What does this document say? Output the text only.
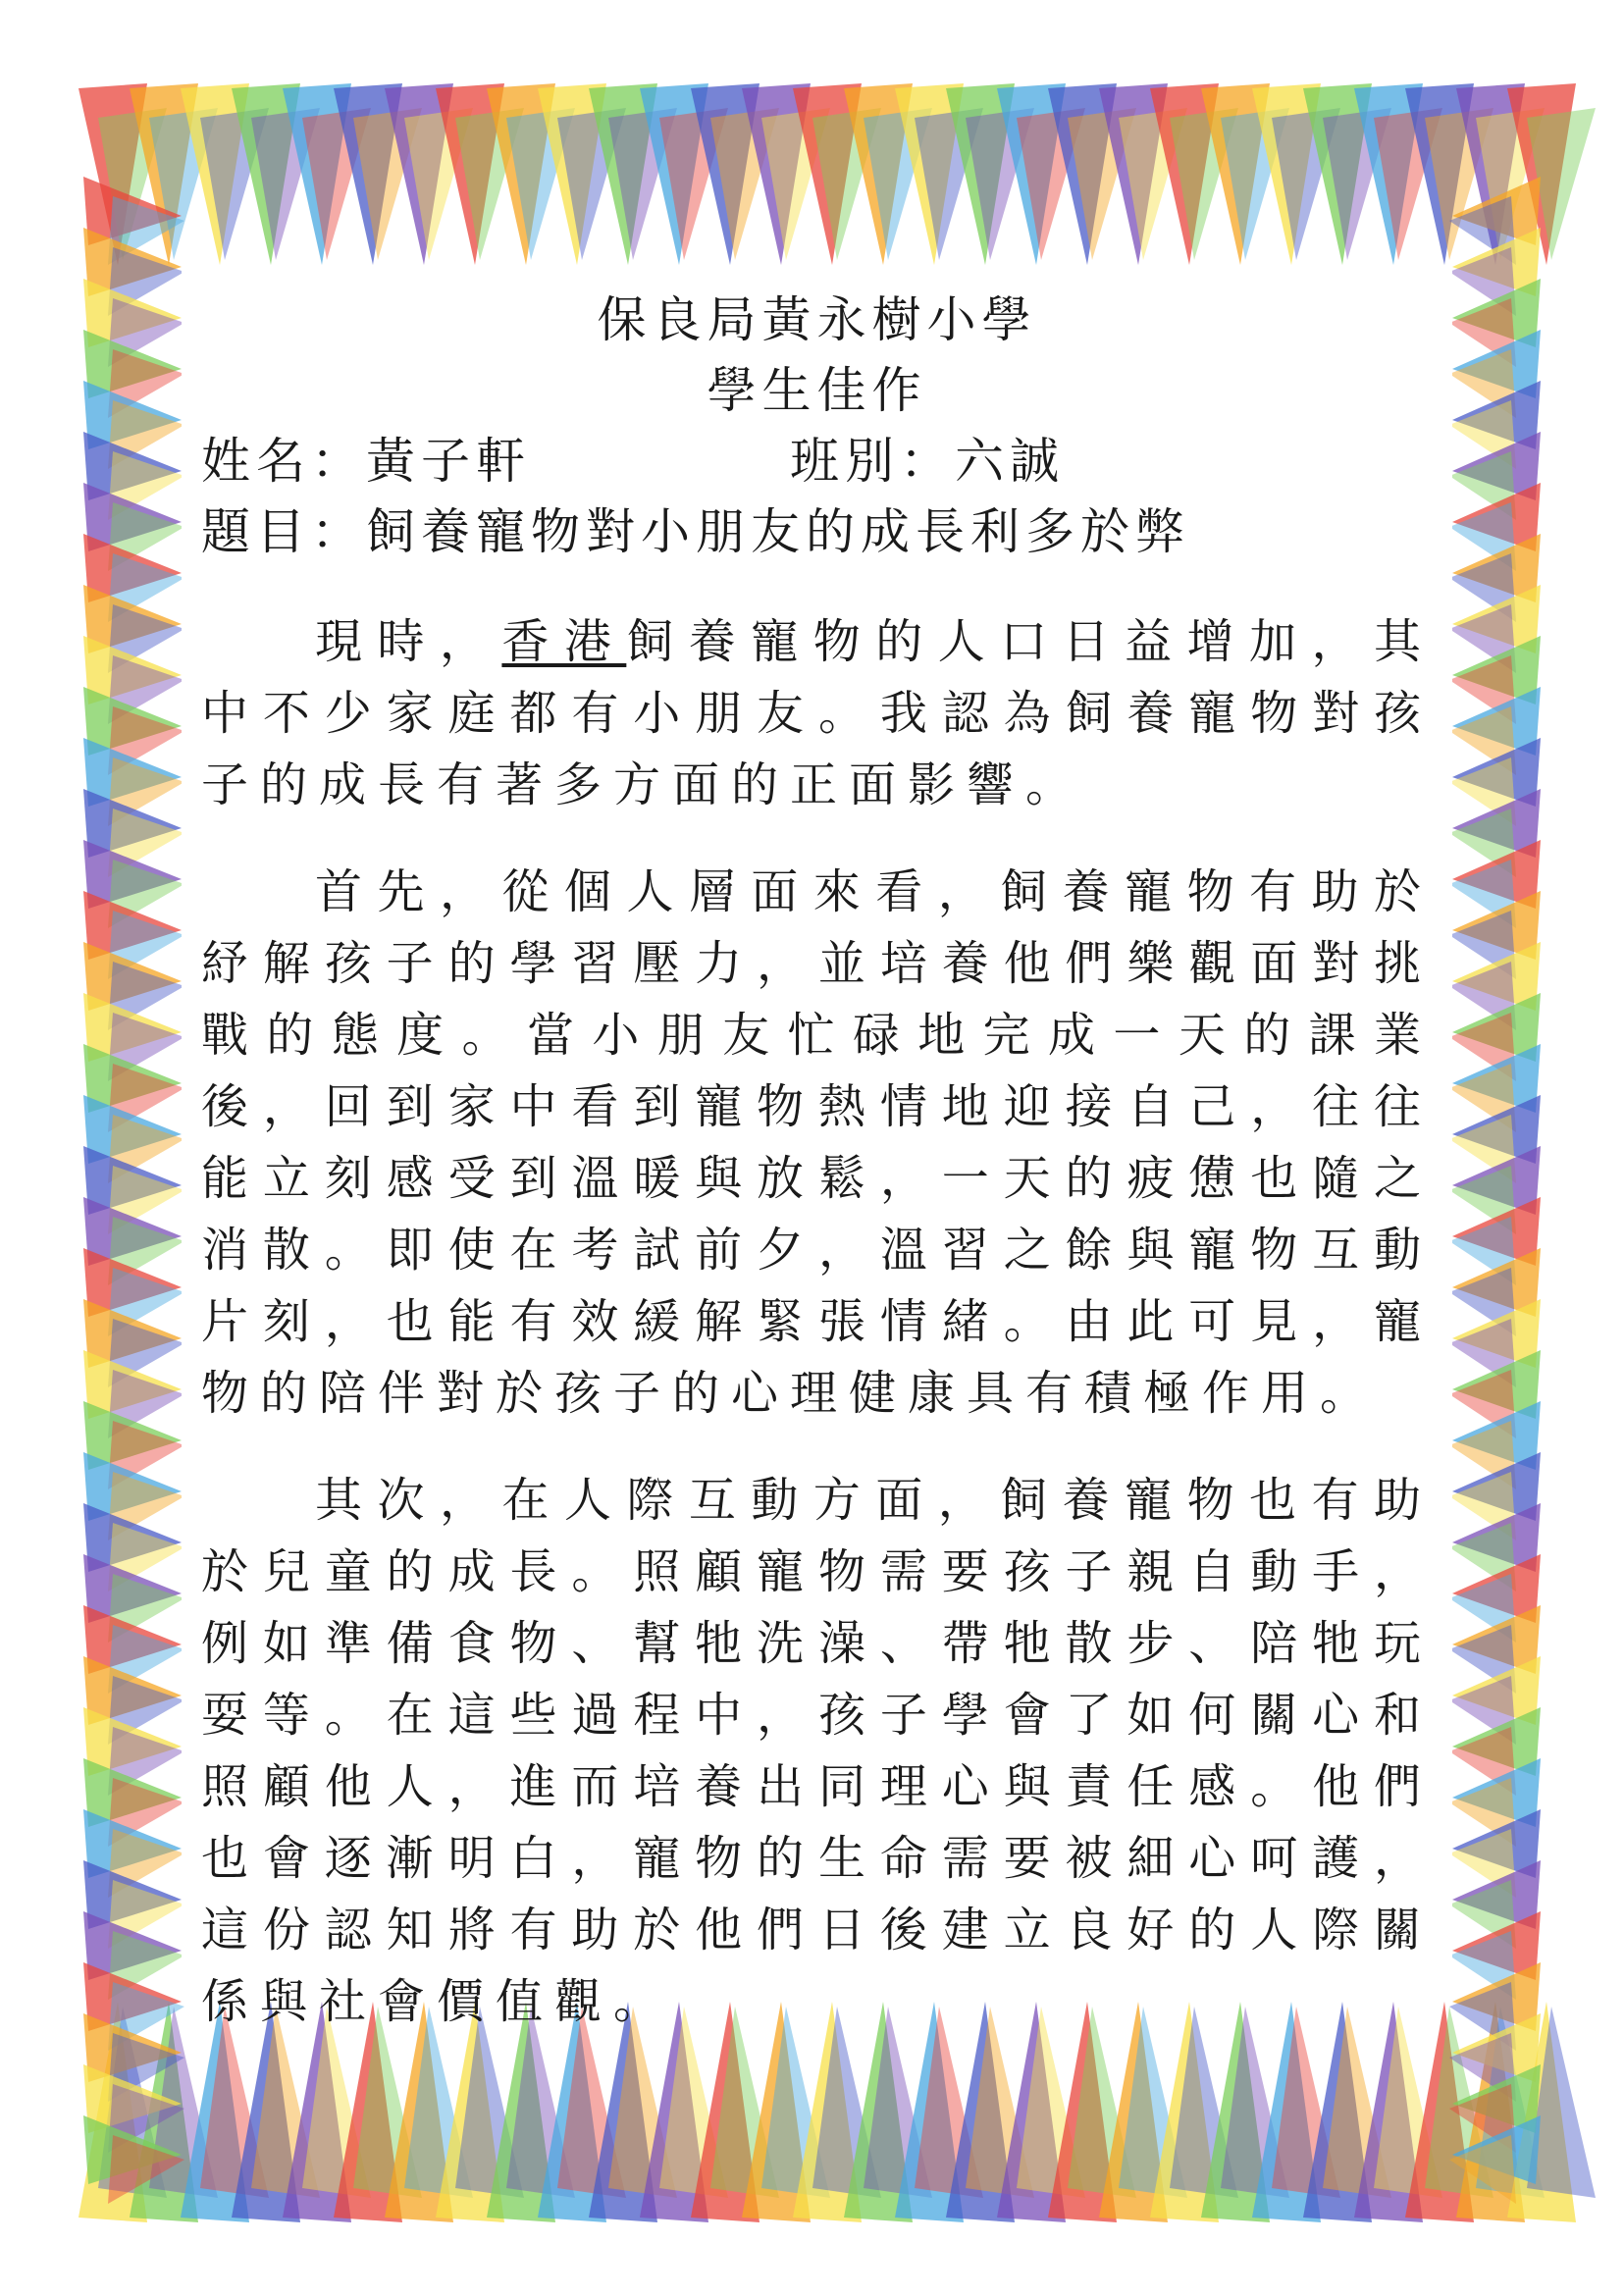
保良局黃永樹小學

學生佳作

姓名：黃子軒	班別：六誠

題目：飼養寵物對小朋友的成長利多於弊

現時，香港飼養寵物的人口日益增加，其中不少家庭都有小朋友。我認為飼養寵物對孩子的成長有著多方面的正面影響。

首先，從個人層面來看，飼養寵物有助於紓解孩子的學習壓力，並培養他們樂觀面對挑戰的態度。當小朋友忙碌地完成一天的課業後，回到家中看到寵物熱情地迎接自己，往往能立刻感受到溫暖與放鬆，一天的疲憊也隨之消散。即使在考試前夕，溫習之餘與寵物互動片刻，也能有效緩解緊張情緒。由此可見，寵物的陪伴對於孩子的心理健康具有積極作用。

其次，在人際互動方面，飼養寵物也有助於兒童的成長。照顧寵物需要孩子親自動手，例如準備食物、幫牠洗澡、帶牠散步、陪牠玩耍等。在這些過程中，孩子學會了如何關心和照顧他人，進而培養出同理心與責任感。他們也會逐漸明白，寵物的生命需要被細心呵護，這份認知將有助於他們日後建立良好的人際關係與社會價值觀。
